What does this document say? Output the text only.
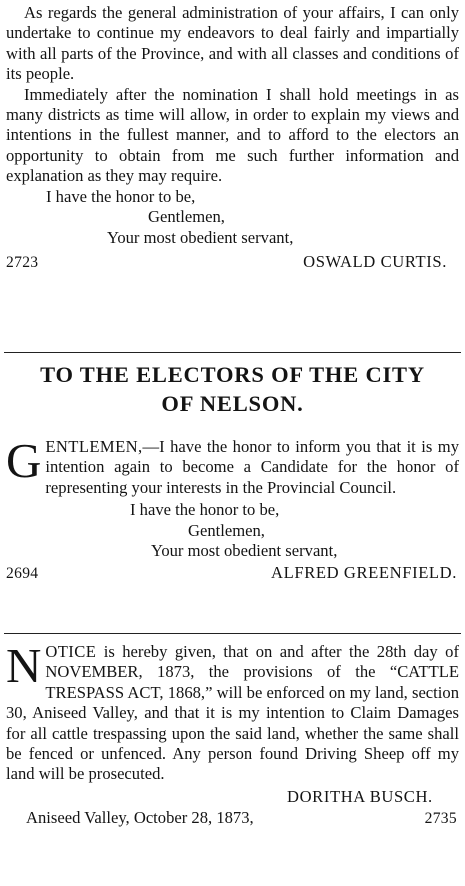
As regards the general administration of your affairs, I can only undertake to continue my endeavors to deal fairly and impartially with all parts of the Province, and with all classes and conditions of its people.

Immediately after the nomination I shall hold meetings in as many districts as time will allow, in order to explain my views and intentions in the fullest manner, and to afford to the electors an opportunity to obtain from me such further information and explanation as they may require.

I have the honor to be,

Gentlemen,

Your most obedient servant,

2723	OSWALD CURTIS.
TO THE ELECTORS OF THE CITY
OF NELSON.

GENTLEMEN,—I have the honor to inform you that it is my intention again to become a Candidate for the honor of representing your interests in the Provincial Council.

I have the honor to be,

Gentlemen,

Your most obedient servant,

2694	ALFRED GREENFIELD.

NOTICE is hereby given, that on and after the 28th day of NOVEMBER, 1873, the provisions of the “CATTLE TRESPASS ACT, 1868,” will be enforced on my land, section 30, Aniseed Valley, and that it is my intention to Claim Damages for all cattle trespassing upon the said land, whether the same shall be fenced or unfenced. Any person found Driving Sheep off my land will be prosecuted.

DORITHA BUSCH.

Aniseed Valley, October 28, 1873,	2735
